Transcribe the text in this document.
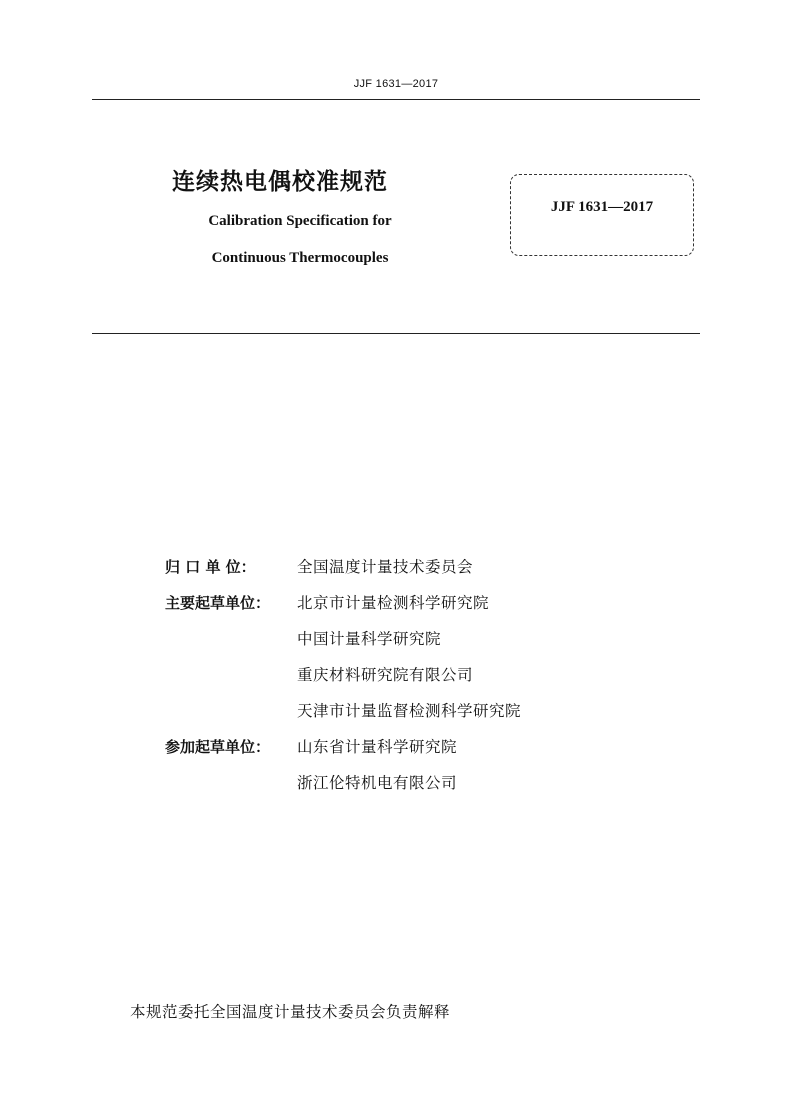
JJF 1631—2017
连续热电偶校准规范
Calibration Specification for
Continuous Thermocouples
JJF 1631—2017
归 口 单 位：	全国温度计量技术委员会
主要起草单位：	北京市计量检测科学研究院
中国计量科学研究院
重庆材料研究院有限公司
天津市计量监督检测科学研究院
参加起草单位：	山东省计量科学研究院
浙江伦特机电有限公司
本规范委托全国温度计量技术委员会负责解释
